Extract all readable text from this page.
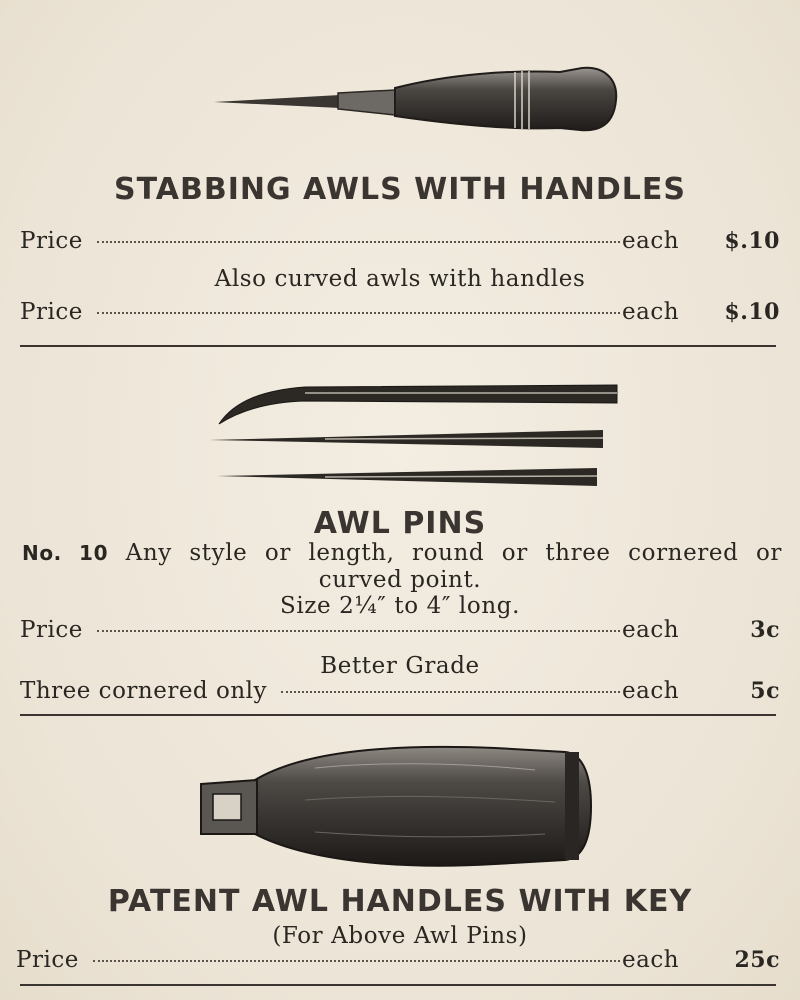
STABBING AWLS WITH HANDLES
Price	each	$.10
Also curved awls with handles
Price	each	$.10
AWL PINS
No. 10 Any style or length, round or three cornered or
curved point.
Size 2¼″ to 4″ long.
Price	each	3c
Better Grade
Three cornered only	each	5c
PATENT AWL HANDLES WITH KEY
(For Above Awl Pins)
Price	each	25c
